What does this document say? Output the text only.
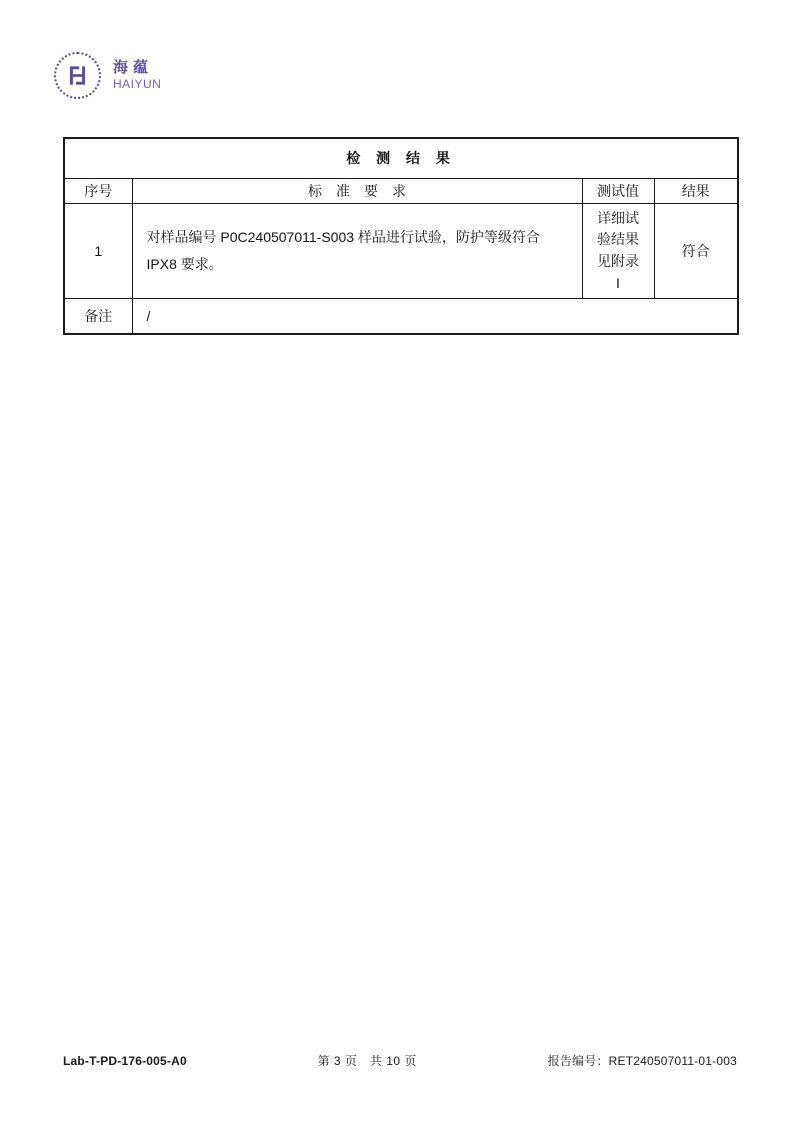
海蕴
HAIYUN
检 测 结 果			
序号	标　准　要　求	测试值	结果
1	对样品编号 P0C240507011-S003 样品进行试验，防护等级符合 IPX8 要求。	详细试验结果见附录 I	符合
备注	/		
Lab-T-PD-176-005-A0	第 3 页　共 10 页	报告编号：RET240507011-01-003
